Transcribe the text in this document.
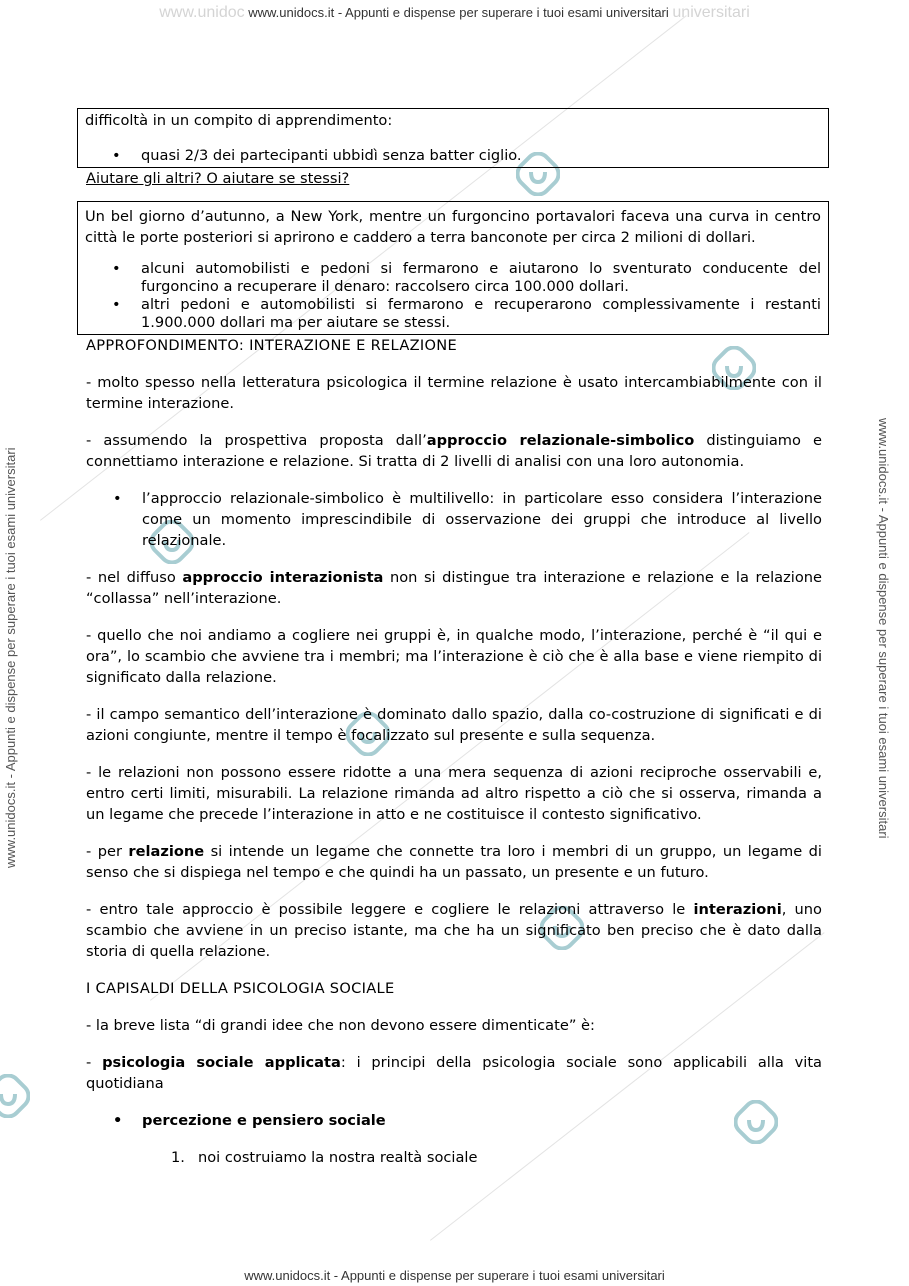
www.unidoc www.unidocs.it - Appunti e dispense per superare i tuoi esami universitari universitari
www.unidocs.it - Appunti e dispense per superare i tuoi esami universitari
www.unidocs.it - Appunti e dispense per superare i tuoi esami universitari	www.unidocs.it - Appunti e dispense per superare i tuoi esami universitari

difficoltà in un compito di apprendimento:

• quasi 2/3 dei partecipanti ubbidì senza batter ciglio.

Aiutare gli altri? O aiutare se stessi?

Un bel giorno d’autunno, a New York, mentre un furgoncino portavalori faceva una curva in centro città le porte posteriori si aprirono e caddero a terra banconote per circa 2 milioni di dollari.

• alcuni automobilisti e pedoni si fermarono e aiutarono lo sventurato conducente del furgoncino a recuperare il denaro: raccolsero circa 100.000 dollari.
• altri pedoni e automobilisti si fermarono e recuperarono complessivamente i restanti 1.900.000 dollari ma per aiutare se stessi.

APPROFONDIMENTO: INTERAZIONE E RELAZIONE

- molto spesso nella letteratura psicologica il termine relazione è usato intercambiabilmente con il termine interazione.

- assumendo la prospettiva proposta dall’approccio relazionale-simbolico distinguiamo e connettiamo interazione e relazione. Si tratta di 2 livelli di analisi con una loro autonomia.

• l’approccio relazionale-simbolico è multilivello: in particolare esso considera l’interazione come un momento imprescindibile di osservazione dei gruppi che introduce al livello relazionale.

- nel diffuso approccio interazionista non si distingue tra interazione e relazione e la relazione “collassa” nell’interazione.

- quello che noi andiamo a cogliere nei gruppi è, in qualche modo, l’interazione, perché è “il qui e ora”, lo scambio che avviene tra i membri; ma l’interazione è ciò che è alla base e viene riempito di significato dalla relazione.

- il campo semantico dell’interazione è dominato dallo spazio, dalla co-costruzione di significati e di azioni congiunte, mentre il tempo è focalizzato sul presente e sulla sequenza.

- le relazioni non possono essere ridotte a una mera sequenza di azioni reciproche osservabili e, entro certi limiti, misurabili. La relazione rimanda ad altro rispetto a ciò che si osserva, rimanda a un legame che precede l’interazione in atto e ne costituisce il contesto significativo.

- per relazione si intende un legame che connette tra loro i membri di un gruppo, un legame di senso che si dispiega nel tempo e che quindi ha un passato, un presente e un futuro.

- entro tale approccio è possibile leggere e cogliere le relazioni attraverso le interazioni, uno scambio che avviene in un preciso istante, ma che ha un significato ben preciso che è dato dalla storia di quella relazione.

I CAPISALDI DELLA PSICOLOGIA SOCIALE

- la breve lista “di grandi idee che non devono essere dimenticate” è:

- psicologia sociale applicata: i principi della psicologia sociale sono applicabili alla vita quotidiana

• percezione e pensiero sociale
1. noi costruiamo la nostra realtà sociale
